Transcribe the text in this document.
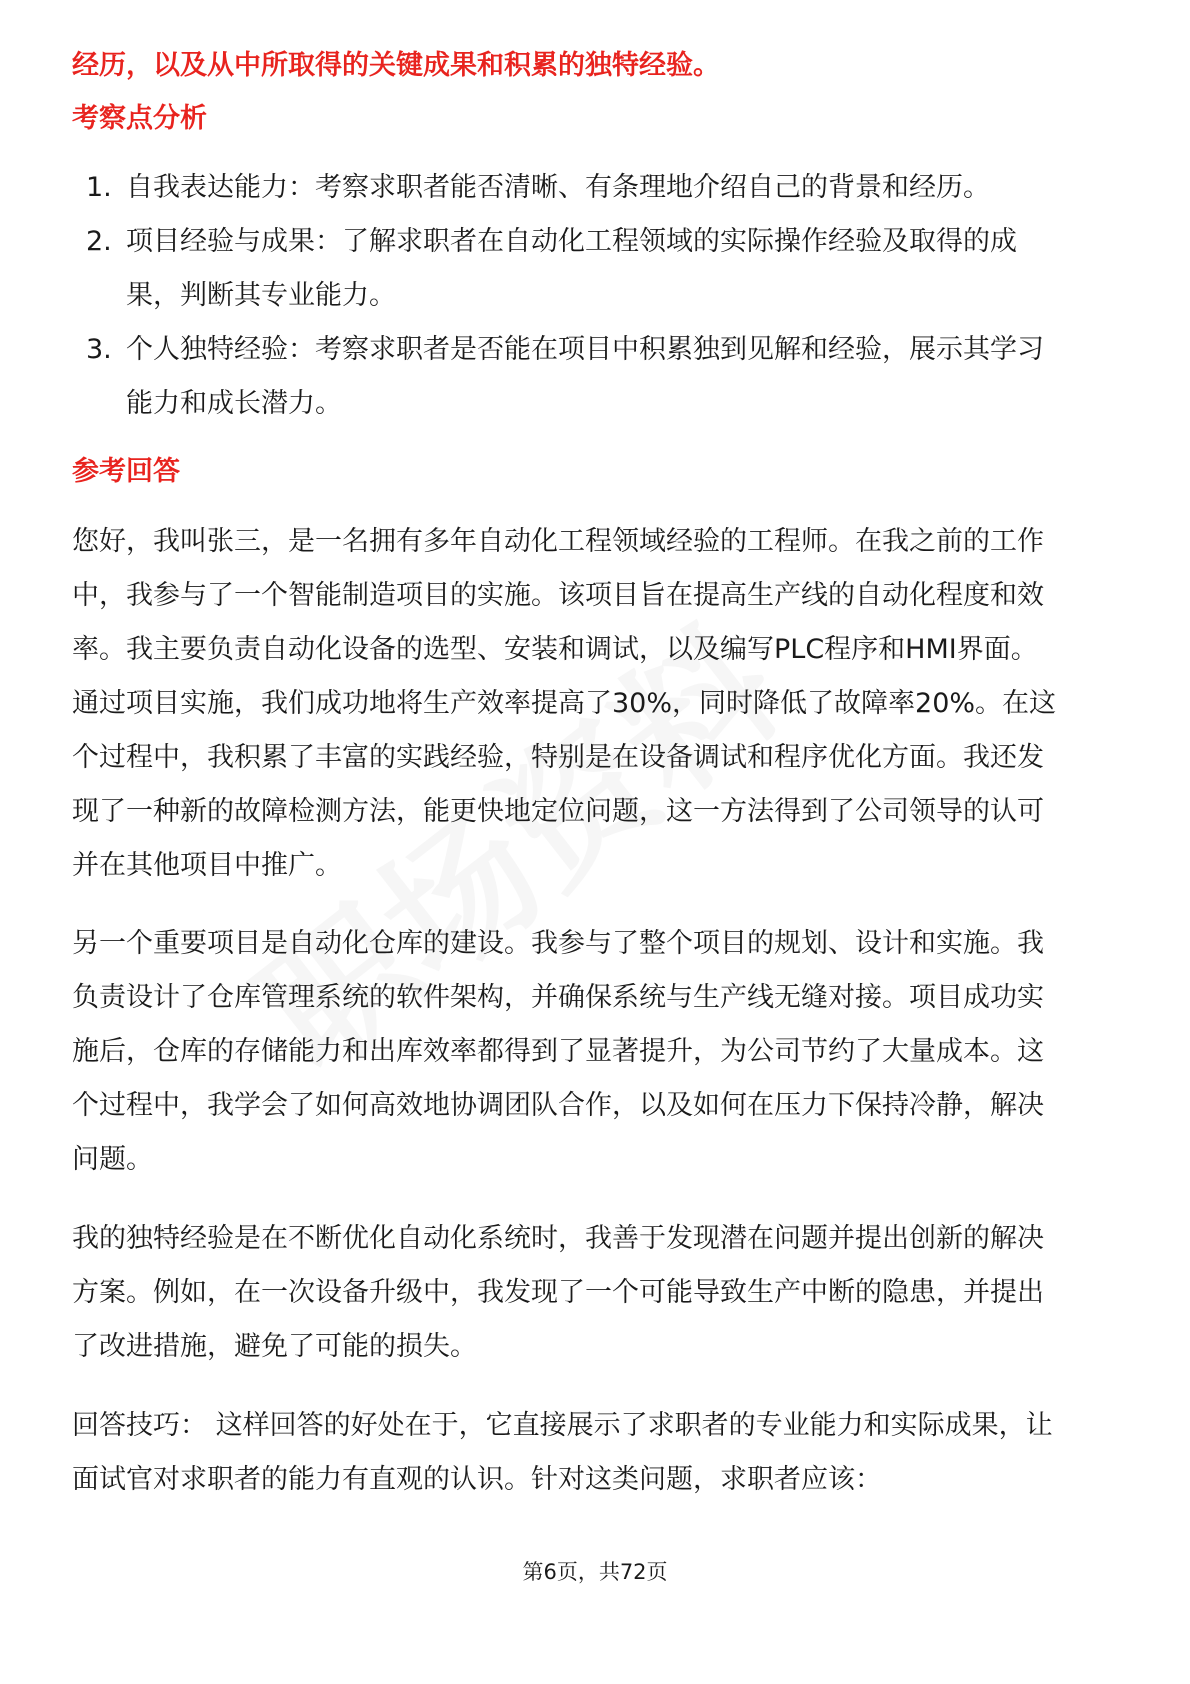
经历，以及从中所取得的关键成果和积累的独特经验。
考察点分析
1. 自我表达能力：考察求职者能否清晰、有条理地介绍自己的背景和经历。
2. 项目经验与成果：了解求职者在自动化工程领域的实际操作经验及取得的成
果，判断其专业能力。
3. 个人独特经验：考察求职者是否能在项目中积累独到见解和经验，展示其学习
能力和成长潜力。
参考回答
您好，我叫张三，是一名拥有多年自动化工程领域经验的工程师。在我之前的工作
中，我参与了一个智能制造项目的实施。该项目旨在提高生产线的自动化程度和效
率。我主要负责自动化设备的选型、安装和调试，以及编写PLC程序和HMI界面。
通过项目实施，我们成功地将生产效率提高了30%，同时降低了故障率20%。在这
个过程中，我积累了丰富的实践经验，特别是在设备调试和程序优化方面。我还发
现了一种新的故障检测方法，能更快地定位问题，这一方法得到了公司领导的认可
并在其他项目中推广。
另一个重要项目是自动化仓库的建设。我参与了整个项目的规划、设计和实施。我
负责设计了仓库管理系统的软件架构，并确保系统与生产线无缝对接。项目成功实
施后，仓库的存储能力和出库效率都得到了显著提升，为公司节约了大量成本。这
个过程中，我学会了如何高效地协调团队合作，以及如何在压力下保持冷静，解决
问题。
我的独特经验是在不断优化自动化系统时，我善于发现潜在问题并提出创新的解决
方案。例如，在一次设备升级中，我发现了一个可能导致生产中断的隐患，并提出
了改进措施，避免了可能的损失。
回答技巧： 这样回答的好处在于，它直接展示了求职者的专业能力和实际成果，让
面试官对求职者的能力有直观的认识。针对这类问题，求职者应该：
第6页，共72页
